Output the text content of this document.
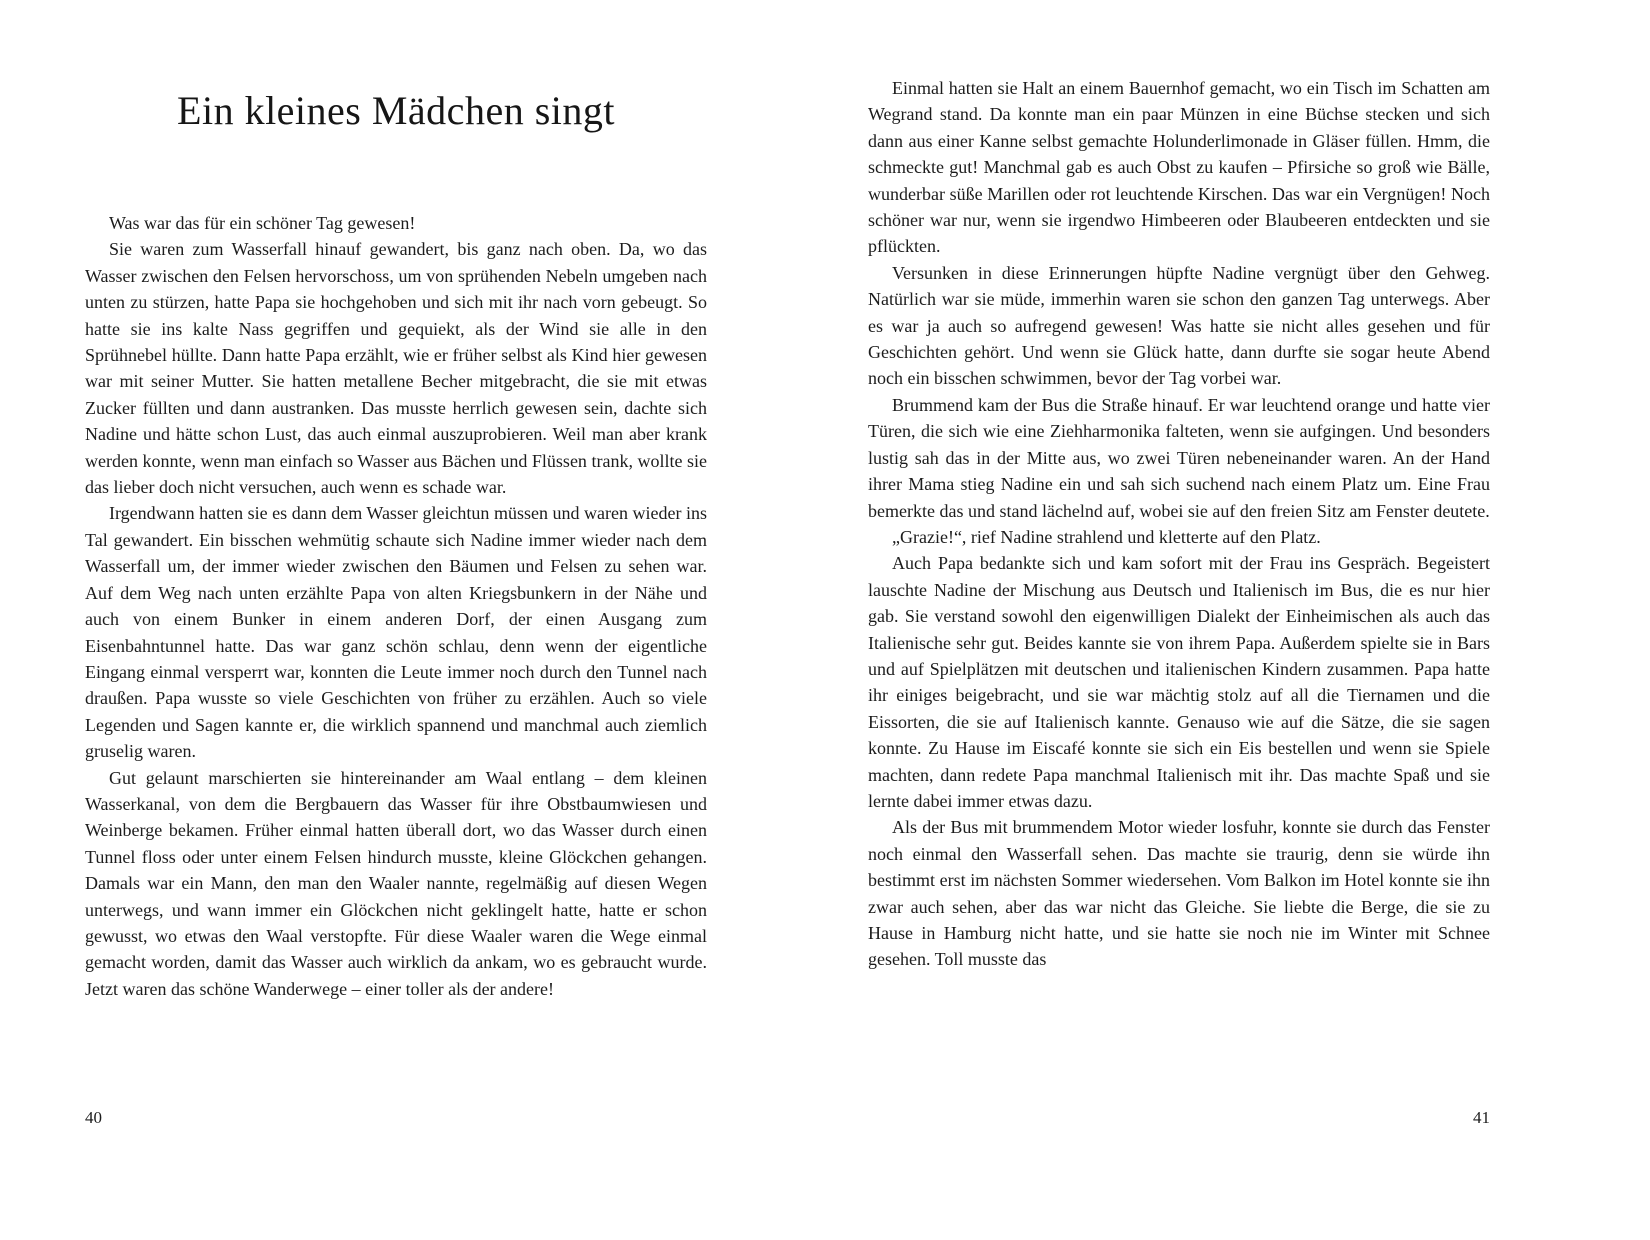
Ein kleines Mädchen singt

Was war das für ein schöner Tag gewesen!

Sie waren zum Wasserfall hinauf gewandert, bis ganz nach oben. Da, wo das Wasser zwischen den Felsen hervorschoss, um von sprühenden Nebeln umgeben nach unten zu stürzen, hatte Papa sie hochgehoben und sich mit ihr nach vorn gebeugt. So hatte sie ins kalte Nass gegriffen und gequiekt, als der Wind sie alle in den Sprühnebel hüllte. Dann hatte Papa erzählt, wie er früher selbst als Kind hier gewesen war mit seiner Mutter. Sie hatten metallene Becher mitgebracht, die sie mit etwas Zucker füllten und dann austranken. Das musste herrlich gewesen sein, dachte sich Nadine und hätte schon Lust, das auch einmal auszuprobieren. Weil man aber krank werden konnte, wenn man einfach so Wasser aus Bächen und Flüssen trank, wollte sie das lieber doch nicht versuchen, auch wenn es schade war.

Irgendwann hatten sie es dann dem Wasser gleichtun müssen und waren wieder ins Tal gewandert. Ein bisschen wehmütig schaute sich Nadine immer wieder nach dem Wasserfall um, der immer wieder zwischen den Bäumen und Felsen zu sehen war. Auf dem Weg nach unten erzählte Papa von alten Kriegsbunkern in der Nähe und auch von einem Bunker in einem anderen Dorf, der einen Ausgang zum Eisenbahntunnel hatte. Das war ganz schön schlau, denn wenn der eigentliche Eingang einmal versperrt war, konnten die Leute immer noch durch den Tunnel nach draußen. Papa wusste so viele Geschichten von früher zu erzählen. Auch so viele Legenden und Sagen kannte er, die wirklich spannend und manchmal auch ziemlich gruselig waren.

Gut gelaunt marschierten sie hintereinander am Waal entlang – dem kleinen Wasserkanal, von dem die Bergbauern das Wasser für ihre Obstbaumwiesen und Weinberge bekamen. Früher einmal hatten überall dort, wo das Wasser durch einen Tunnel floss oder unter einem Felsen hindurch musste, kleine Glöckchen gehangen. Damals war ein Mann, den man den Waaler nannte, regelmäßig auf diesen Wegen unterwegs, und wann immer ein Glöckchen nicht geklingelt hatte, hatte er schon gewusst, wo etwas den Waal verstopfte. Für diese Waaler waren die Wege einmal gemacht worden, damit das Wasser auch wirklich da ankam, wo es gebraucht wurde. Jetzt waren das schöne Wanderwege – einer toller als der andere!

40

Einmal hatten sie Halt an einem Bauernhof gemacht, wo ein Tisch im Schatten am Wegrand stand. Da konnte man ein paar Münzen in eine Büchse stecken und sich dann aus einer Kanne selbst gemachte Holunderlimonade in Gläser füllen. Hmm, die schmeckte gut! Manchmal gab es auch Obst zu kaufen – Pfirsiche so groß wie Bälle, wunderbar süße Marillen oder rot leuchtende Kirschen. Das war ein Vergnügen! Noch schöner war nur, wenn sie irgendwo Himbeeren oder Blaubeeren entdeckten und sie pflückten.

Versunken in diese Erinnerungen hüpfte Nadine vergnügt über den Gehweg. Natürlich war sie müde, immerhin waren sie schon den ganzen Tag unterwegs. Aber es war ja auch so aufregend gewesen! Was hatte sie nicht alles gesehen und für Geschichten gehört. Und wenn sie Glück hatte, dann durfte sie sogar heute Abend noch ein bisschen schwimmen, bevor der Tag vorbei war.

Brummend kam der Bus die Straße hinauf. Er war leuchtend orange und hatte vier Türen, die sich wie eine Ziehharmonika falteten, wenn sie aufgingen. Und besonders lustig sah das in der Mitte aus, wo zwei Türen nebeneinander waren. An der Hand ihrer Mama stieg Nadine ein und sah sich suchend nach einem Platz um. Eine Frau bemerkte das und stand lächelnd auf, wobei sie auf den freien Sitz am Fenster deutete.

„Grazie!“, rief Nadine strahlend und kletterte auf den Platz.

Auch Papa bedankte sich und kam sofort mit der Frau ins Gespräch. Begeistert lauschte Nadine der Mischung aus Deutsch und Italienisch im Bus, die es nur hier gab. Sie verstand sowohl den eigenwilligen Dialekt der Einheimischen als auch das Italienische sehr gut. Beides kannte sie von ihrem Papa. Außerdem spielte sie in Bars und auf Spielplätzen mit deutschen und italienischen Kindern zusammen. Papa hatte ihr einiges beigebracht, und sie war mächtig stolz auf all die Tiernamen und die Eissorten, die sie auf Italienisch kannte. Genauso wie auf die Sätze, die sie sagen konnte. Zu Hause im Eiscafé konnte sie sich ein Eis bestellen und wenn sie Spiele machten, dann redete Papa manchmal Italienisch mit ihr. Das machte Spaß und sie lernte dabei immer etwas dazu.

Als der Bus mit brummendem Motor wieder losfuhr, konnte sie durch das Fenster noch einmal den Wasserfall sehen. Das machte sie traurig, denn sie würde ihn bestimmt erst im nächsten Sommer wiedersehen. Vom Balkon im Hotel konnte sie ihn zwar auch sehen, aber das war nicht das Gleiche. Sie liebte die Berge, die sie zu Hause in Hamburg nicht hatte, und sie hatte sie noch nie im Winter mit Schnee gesehen. Toll musste das

41
